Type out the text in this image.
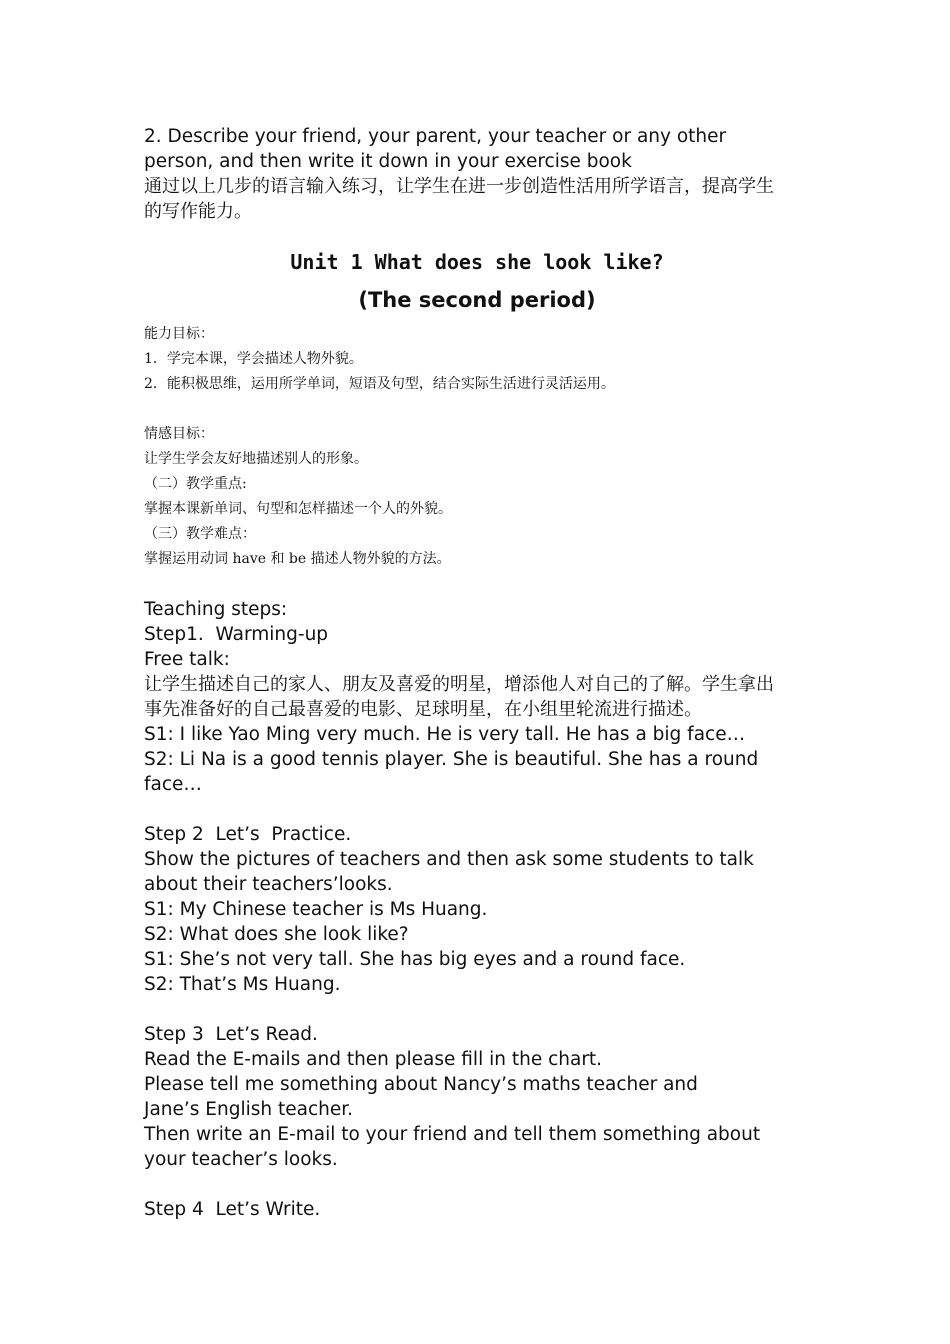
2. Describe your friend, your parent, your teacher or any other
person, and then write it down in your exercise book
通过以上几步的语言输入练习，让学生在进一步创造性活用所学语言，提高学生
的写作能力。
Unit 1 What does she look like?
(The second period)
能力目标：
1．学完本课，学会描述人物外貌。
2．能积极思维，运用所学单词，短语及句型，结合实际生活进行灵活运用。
情感目标：
让学生学会友好地描述别人的形象。
（二）教学重点:
掌握本课新单词、句型和怎样描述一个人的外貌。
（三）教学难点：
掌握运用动词 have 和 be 描述人物外貌的方法。
Teaching steps:
Step1.  Warming-up
Free talk:
让学生描述自己的家人、朋友及喜爱的明星，增添他人对自己的了解。学生拿出
事先准备好的自己最喜爱的电影、足球明星，在小组里轮流进行描述。
S1: I like Yao Ming very much. He is very tall. He has a big face…
S2: Li Na is a good tennis player. She is beautiful. She has a round
face…
Step 2  Let’s  Practice.
Show the pictures of teachers and then ask some students to talk
about their teachers’looks.
S1: My Chinese teacher is Ms Huang.
S2: What does she look like?
S1: She’s not very tall. She has big eyes and a round face.
S2: That’s Ms Huang.
Step 3  Let’s Read.
Read the E-mails and then please fill in the chart.
Please tell me something about Nancy’s maths teacher and
Jane’s English teacher.
Then write an E-mail to your friend and tell them something about
your teacher’s looks.
Step 4  Let’s Write.
